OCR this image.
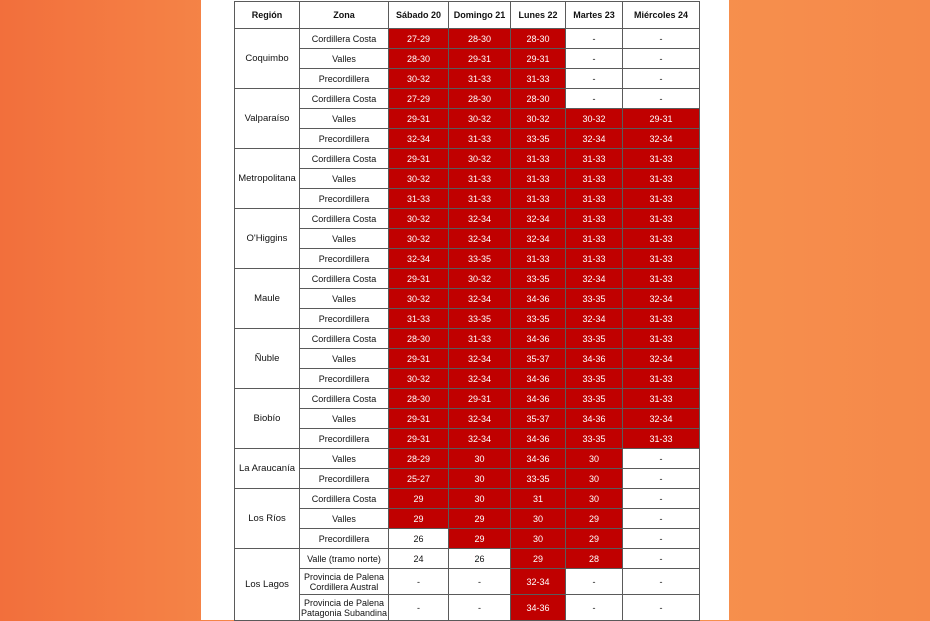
Región	Zona	Sábado 20	Domingo 21	Lunes 22	Martes 23	Miércoles 24
Coquimbo	Cordillera Costa	27-29	28-30	28-30	-	-
	Valles	28-30	29-31	29-31	-	-
	Precordillera	30-32	31-33	31-33	-	-
Valparaíso	Cordillera Costa	27-29	28-30	28-30	-	-
	Valles	29-31	30-32	30-32	30-32	29-31
	Precordillera	32-34	31-33	33-35	32-34	32-34
Metropolitana	Cordillera Costa	29-31	30-32	31-33	31-33	31-33
	Valles	30-32	31-33	31-33	31-33	31-33
	Precordillera	31-33	31-33	31-33	31-33	31-33
O'Higgins	Cordillera Costa	30-32	32-34	32-34	31-33	31-33
	Valles	30-32	32-34	32-34	31-33	31-33
	Precordillera	32-34	33-35	31-33	31-33	31-33
Maule	Cordillera Costa	29-31	30-32	33-35	32-34	31-33
	Valles	30-32	32-34	34-36	33-35	32-34
	Precordillera	31-33	33-35	33-35	32-34	31-33
Ñuble	Cordillera Costa	28-30	31-33	34-36	33-35	31-33
	Valles	29-31	32-34	35-37	34-36	32-34
	Precordillera	30-32	32-34	34-36	33-35	31-33
Biobío	Cordillera Costa	28-30	29-31	34-36	33-35	31-33
	Valles	29-31	32-34	35-37	34-36	32-34
	Precordillera	29-31	32-34	34-36	33-35	31-33
La Araucanía	Valles	28-29	30	34-36	30	-
	Precordillera	25-27	30	33-35	30	-
Los Ríos	Cordillera Costa	29	30	31	30	-
	Valles	29	29	30	29	-
	Precordillera	26	29	30	29	-
Los Lagos	Valle (tramo norte)	24	26	29	28	-
	Provincia de Palena Cordillera Austral	-	-	32-34	-	-
	Provincia de Palena Patagonia Subandina	-	-	34-36	-	-
